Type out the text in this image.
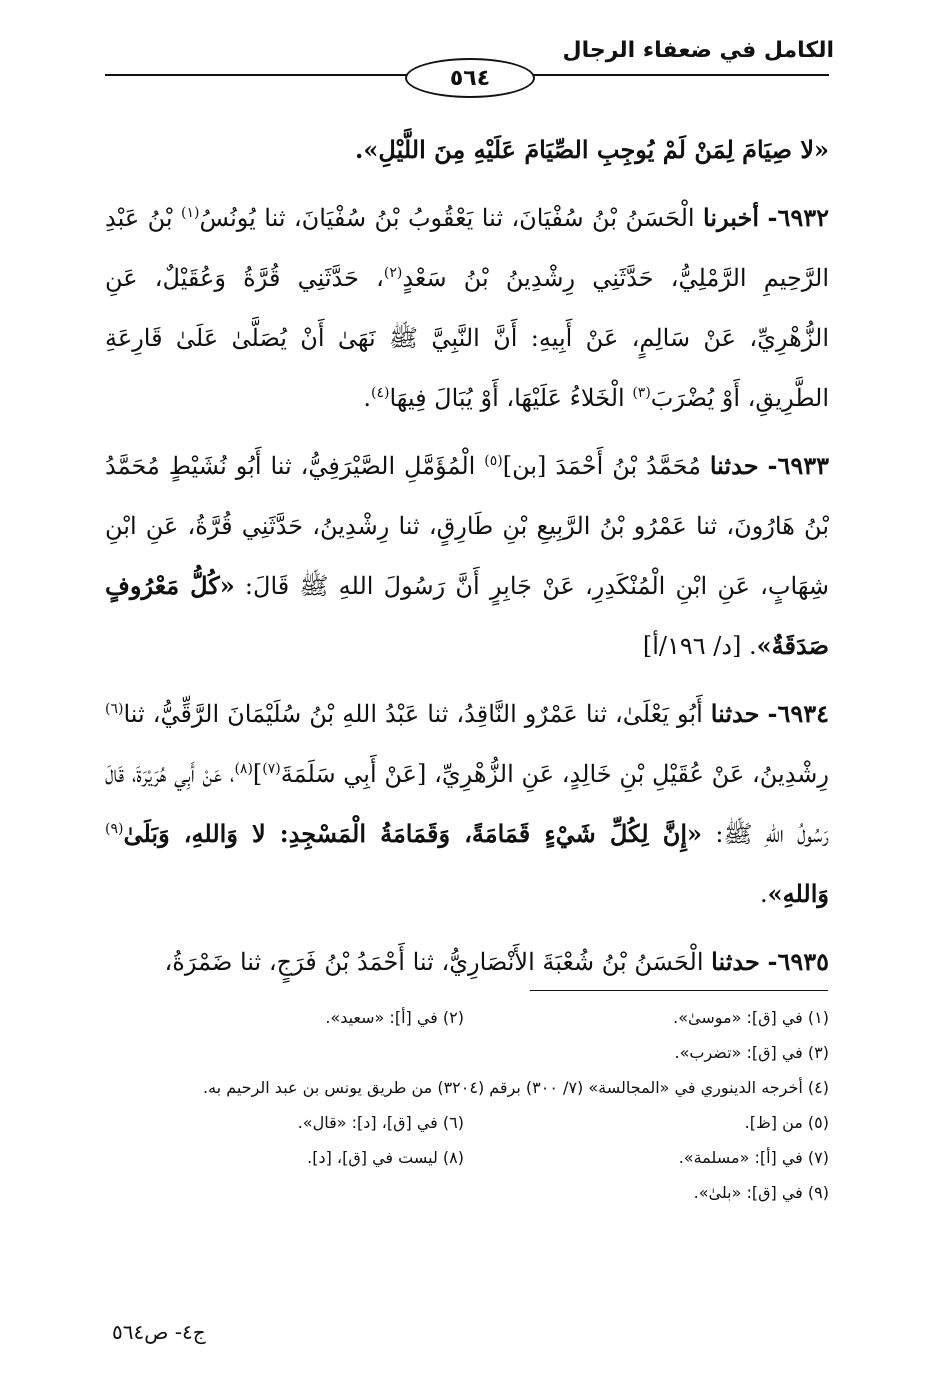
الكامل في ضعفاء الرجال
٥٦٤

«لا صِيَامَ لِمَنْ لَمْ يُوجِبِ الصِّيَامَ عَلَيْهِ مِنَ اللَّيْلِ».

٦٩٣٢- أخبرنا الْحَسَنُ بْنُ سُفْيَانَ، ثنا يَعْقُوبُ بْنُ سُفْيَانَ، ثنا يُونُسُ$^{(١)}$ بْنُ عَبْدِ الرَّحِيمِ الرَّمْلِيُّ، حَدَّثَنِي رِشْدِينُ بْنُ سَعْدٍ$^{(٢)}$، حَدَّثَنِي قُرَّةُ وَعُقَيْلٌ، عَنِ الزُّهْرِيِّ، عَنْ سَالِمٍ، عَنْ أَبِيهِ: أَنَّ النَّبِيَّ ﷺ نَهَىٰ أَنْ يُصَلَّىٰ عَلَىٰ قَارِعَةِ الطَّرِيقِ، أَوْ يُضْرَبَ$^{(٣)}$ الْخَلاءُ عَلَيْهَا، أَوْ يُبَالَ فِيهَا$^{(٤)}$.

٦٩٣٣- حدثنا مُحَمَّدُ بْنُ أَحْمَدَ [بن]$^{(٥)}$ الْمُؤَمَّلِ الصَّيْرَفِيُّ، ثنا أَبُو نُشَيْطٍ مُحَمَّدُ بْنُ هَارُونَ، ثنا عَمْرُو بْنُ الرَّبِيعِ بْنِ طَارِقٍ، ثنا رِشْدِينُ، حَدَّثَنِي قُرَّةُ، عَنِ ابْنِ شِهَابٍ، عَنِ ابْنِ الْمُنْكَدِرِ، عَنْ جَابِرٍ أَنَّ رَسُولَ اللهِ ﷺ قَالَ: «كُلُّ مَعْرُوفٍ صَدَقَةٌ». [د/ ١٩٦/أ]

٦٩٣٤- حدثنا أَبُو يَعْلَىٰ، ثنا عَمْرٌو النَّاقِدُ، ثنا عَبْدُ اللهِ بْنُ سُلَيْمَانَ الرَّقِّيُّ، ثنا$^{(٦)}$ رِشْدِينُ، عَنْ عُقَيْلِ بْنِ خَالِدٍ، عَنِ الزُّهْرِيِّ، [عَنْ أَبِي سَلَمَةَ$^{(٧)}$]$^{(٨)}$، عَنْ أَبِي هُرَيْرَةَ، قَالَ رَسُولُ اللهِ ﷺ: «إِنَّ لِكُلِّ شَيْءٍ قَمَامَةً، وَقَمَامَةُ الْمَسْجِدِ: لا وَاللهِ، وَبَلَىٰ$^{(٩)}$ وَاللهِ».

٦٩٣٥- حدثنا الْحَسَنُ بْنُ شُعْبَةَ الأَنْصَارِيُّ، ثنا أَحْمَدُ بْنُ فَرَجٍ، ثنا ضَمْرَةُ،

(١) في [ق]: «موسىٰ».
(٢) في [أ]: «سعيد».
(٣) في [ق]: «تضرب».
(٤) أخرجه الدينوري في «المجالسة» (٧/ ٣٠٠) برقم (٣٢٠٤) من طريق يونس بن عبد الرحيم به.
(٥) من [ظ].
(٦) في [ق]، [د]: «قال».
(٧) في [أ]: «مسلمة».
(٨) ليست في [ق]، [د].
(٩) في [ق]: «بلىٰ».
ج٤- ص٥٦٤
